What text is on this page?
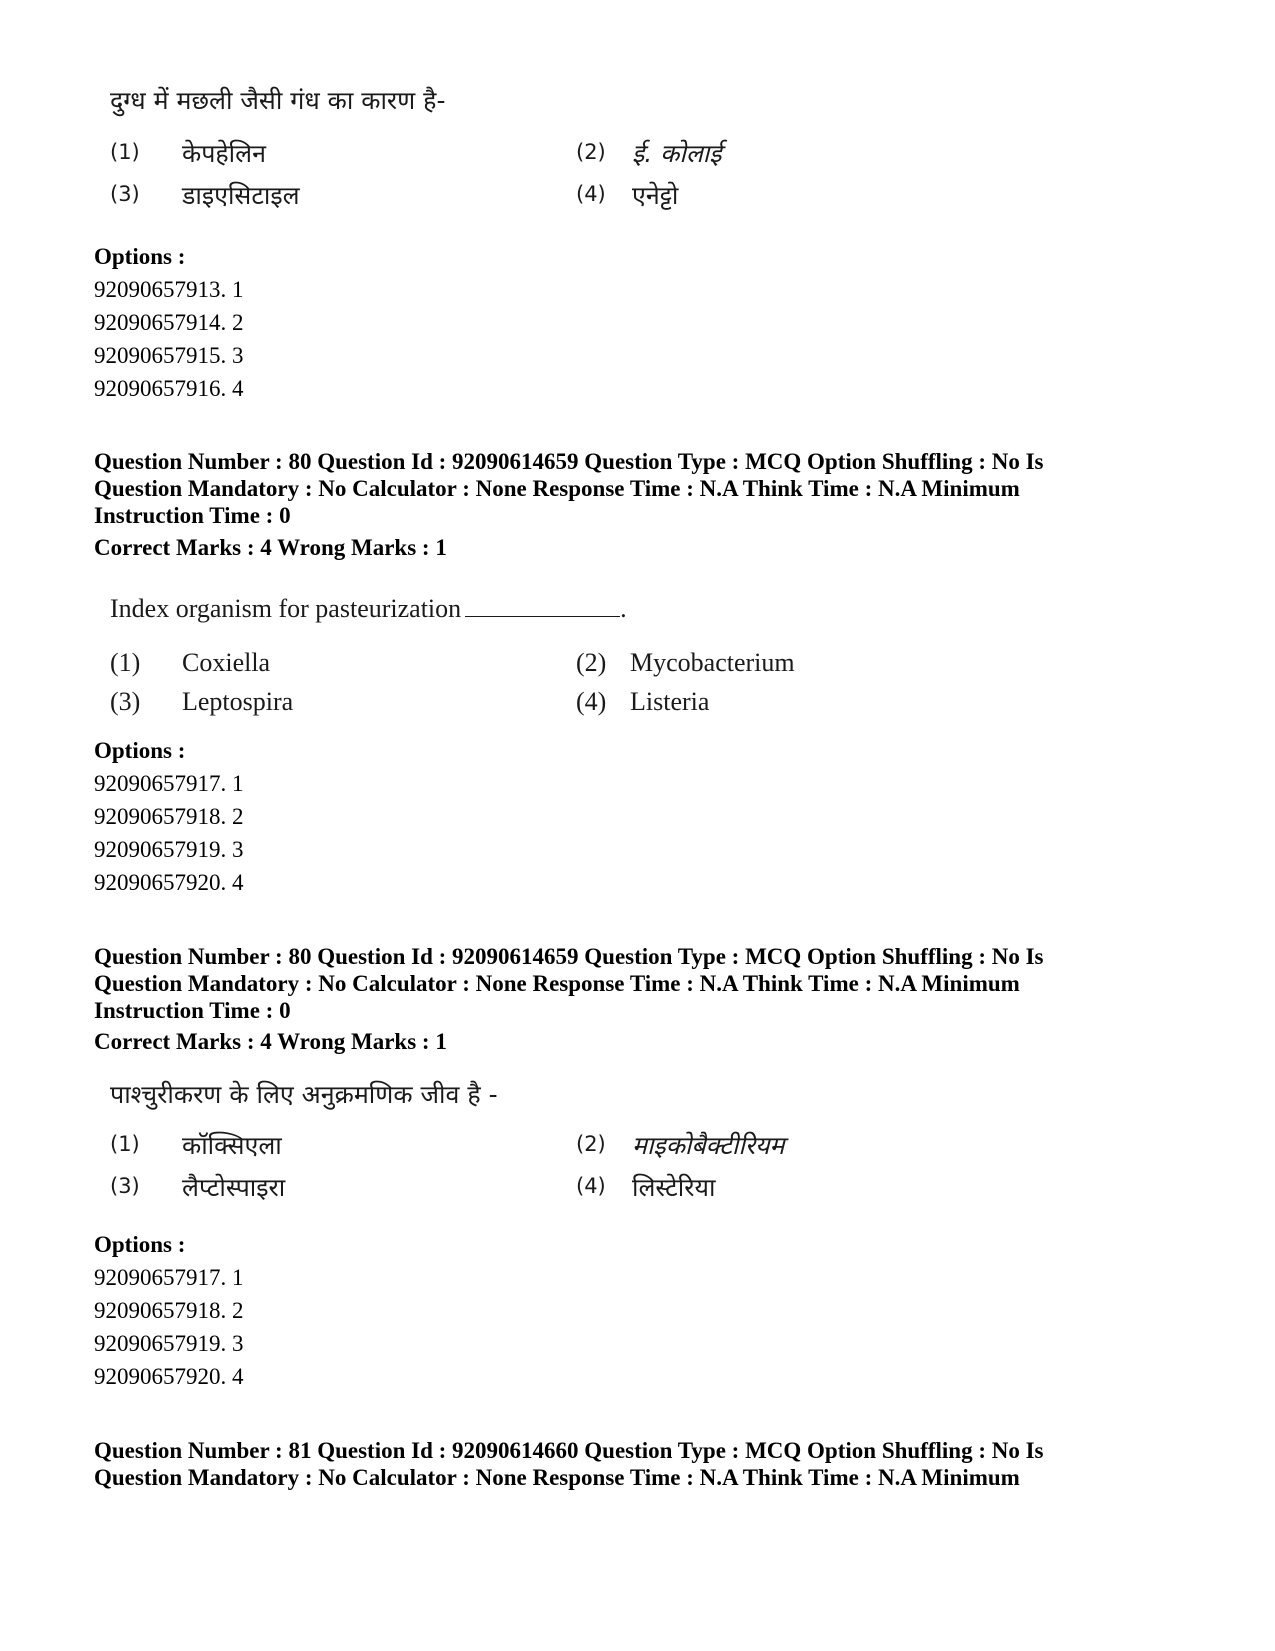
दुग्ध में मछली जैसी गंध का कारण है-
(1) केपहेलिन	(2) ई. कोलाई
(3) डाइएसिटाइल	(4) एनेट्टो
Options :
92090657913. 1
92090657914. 2
92090657915. 3
92090657916. 4
Question Number : 80 Question Id : 92090614659 Question Type : MCQ Option Shuffling : No Is
Question Mandatory : No Calculator : None Response Time : N.A Think Time : N.A Minimum
Instruction Time : 0
Correct Marks : 4 Wrong Marks : 1
Index organism for pasteurization	.
(1) Coxiella	(2) Mycobacterium
(3) Leptospira	(4) Listeria
Options :
92090657917. 1
92090657918. 2
92090657919. 3
92090657920. 4
Question Number : 80 Question Id : 92090614659 Question Type : MCQ Option Shuffling : No Is
Question Mandatory : No Calculator : None Response Time : N.A Think Time : N.A Minimum
Instruction Time : 0
Correct Marks : 4 Wrong Marks : 1
पाश्चुरीकरण के लिए अनुक्रमणिक जीव है -
(1) कॉक्सिएला	(2) माइकोबैक्टीरियम
(3) लैप्टोस्पाइरा	(4) लिस्टेरिया
Options :
92090657917. 1
92090657918. 2
92090657919. 3
92090657920. 4
Question Number : 81 Question Id : 92090614660 Question Type : MCQ Option Shuffling : No Is
Question Mandatory : No Calculator : None Response Time : N.A Think Time : N.A Minimum
